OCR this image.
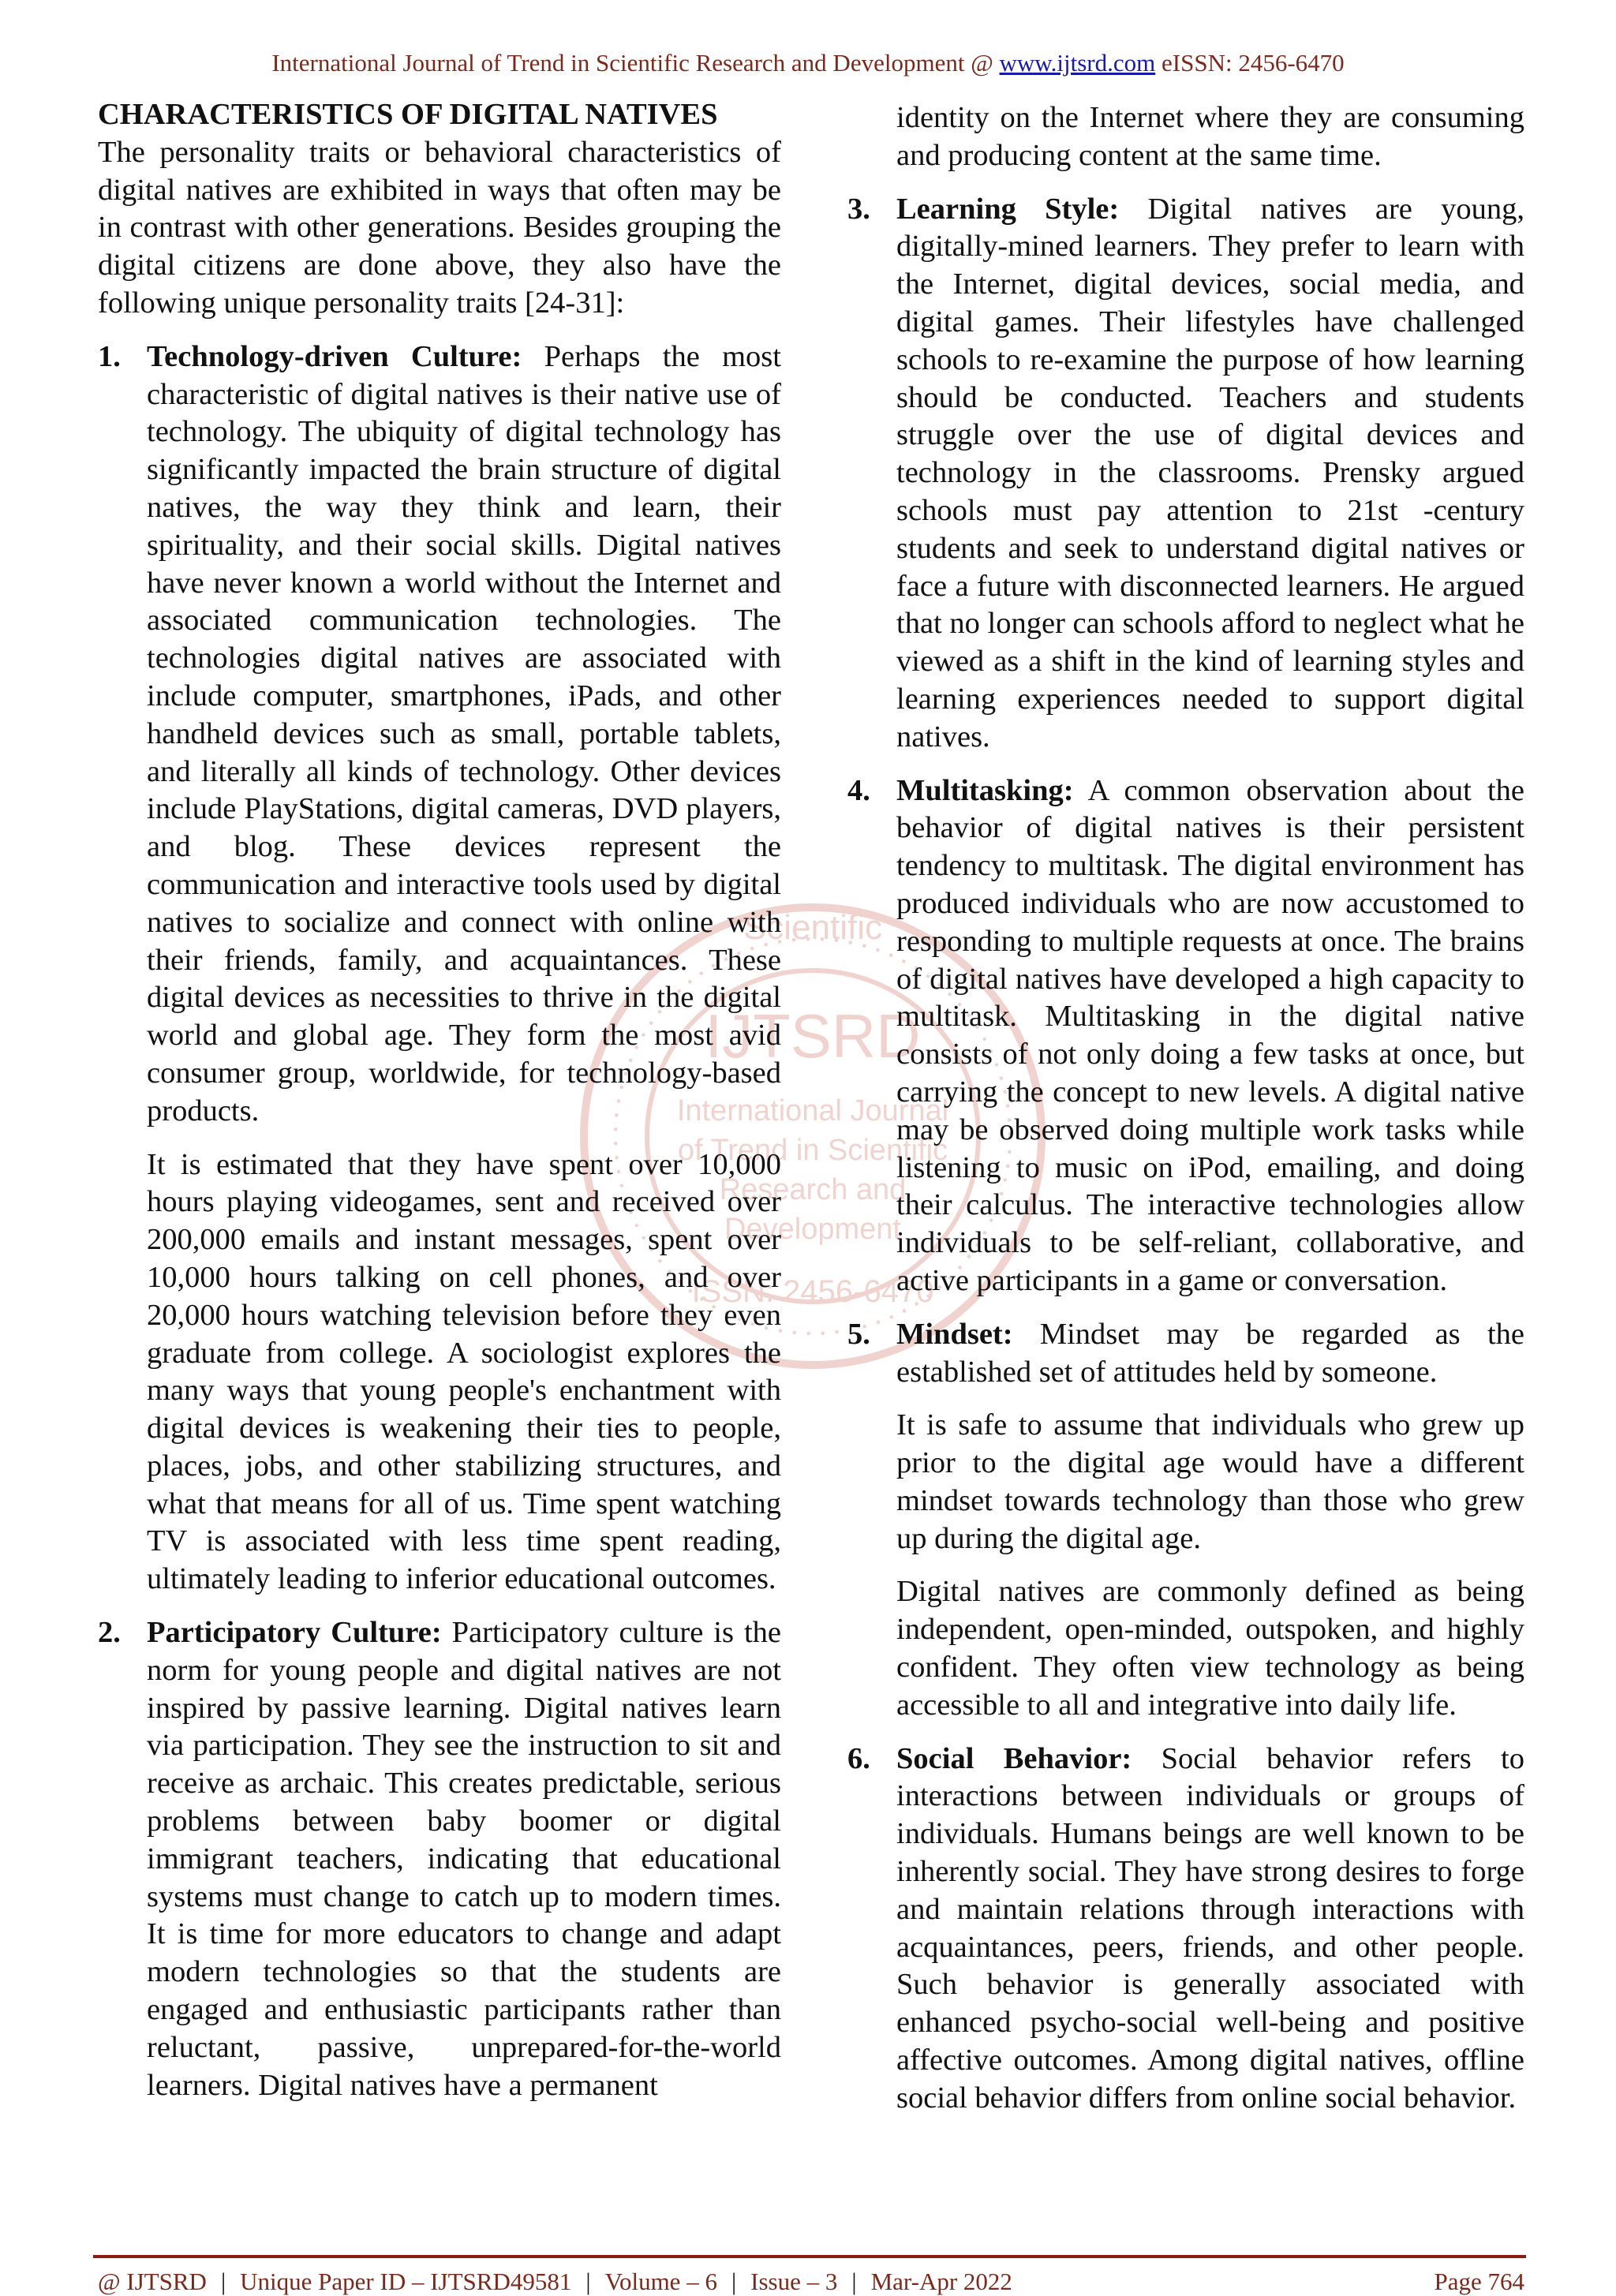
International Journal of Trend in Scientific Research and Development @ www.ijtsrd.com eISSN: 2456-6470
Scientific
IJTSRD
International Journal
of Trend in Scientific
Research and
Development
ISSN: 2456-6470
CHARACTERISTICS OF DIGITAL NATIVES

The personality traits or behavioral characteristics of digital natives are exhibited in ways that often may be in contrast with other generations. Besides grouping the digital citizens are done above, they also have the following unique personality traits [24-31]:

1. Technology-driven Culture: Perhaps the most characteristic of digital natives is their native use of technology. The ubiquity of digital technology has significantly impacted the brain structure of digital natives, the way they think and learn, their spirituality, and their social skills. Digital natives have never known a world without the Internet and associated communication technologies. The technologies digital natives are associated with include computer, smartphones, iPads, and other handheld devices such as small, portable tablets, and literally all kinds of technology. Other devices include PlayStations, digital cameras, DVD players, and blog. These devices represent the communication and interactive tools used by digital natives to socialize and connect with online with their friends, family, and acquaintances. These digital devices as necessities to thrive in the digital world and global age. They form the most avid consumer group, worldwide, for technology-based products.

It is estimated that they have spent over 10,000 hours playing videogames, sent and received over 200,000 emails and instant messages, spent over 10,000 hours talking on cell phones, and over 20,000 hours watching television before they even graduate from college. A sociologist explores the many ways that young people's enchantment with digital devices is weakening their ties to people, places, jobs, and other stabilizing structures, and what that means for all of us. Time spent watching TV is associated with less time spent reading, ultimately leading to inferior educational outcomes.

2. Participatory Culture: Participatory culture is the norm for young people and digital natives are not inspired by passive learning. Digital natives learn via participation. They see the instruction to sit and receive as archaic. This creates predictable, serious problems between baby boomer or digital immigrant teachers, indicating that educational systems must change to catch up to modern times. It is time for more educators to change and adapt modern technologies so that the students are engaged and enthusiastic participants rather than reluctant, passive, unprepared-for-the-world learners. Digital natives have a permanent

identity on the Internet where they are consuming and producing content at the same time.

3. Learning Style: Digital natives are young, digitally-mined learners. They prefer to learn with the Internet, digital devices, social media, and digital games. Their lifestyles have challenged schools to re-examine the purpose of how learning should be conducted. Teachers and students struggle over the use of digital devices and technology in the classrooms. Prensky argued schools must pay attention to 21st -century students and seek to understand digital natives or face a future with disconnected learners. He argued that no longer can schools afford to neglect what he viewed as a shift in the kind of learning styles and learning experiences needed to support digital natives.

4. Multitasking: A common observation about the behavior of digital natives is their persistent tendency to multitask. The digital environment has produced individuals who are now accustomed to responding to multiple requests at once. The brains of digital natives have developed a high capacity to multitask. Multitasking in the digital native consists of not only doing a few tasks at once, but carrying the concept to new levels. A digital native may be observed doing multiple work tasks while listening to music on iPod, emailing, and doing their calculus. The interactive technologies allow individuals to be self-reliant, collaborative, and active participants in a game or conversation.

5. Mindset: Mindset may be regarded as the established set of attitudes held by someone.

It is safe to assume that individuals who grew up prior to the digital age would have a different mindset towards technology than those who grew up during the digital age.

Digital natives are commonly defined as being independent, open-minded, outspoken, and highly confident. They often view technology as being accessible to all and integrative into daily life.

6. Social Behavior: Social behavior refers to interactions between individuals or groups of individuals. Humans beings are well known to be inherently social. They have strong desires to forge and maintain relations through interactions with acquaintances, peers, friends, and other people. Such behavior is generally associated with enhanced psycho-social well-being and positive affective outcomes. Among digital natives, offline social behavior differs from online social behavior.

@ IJTSRD | Unique Paper ID – IJTSRD49581 | Volume – 6 | Issue – 3 | Mar-Apr 2022	Page 764
